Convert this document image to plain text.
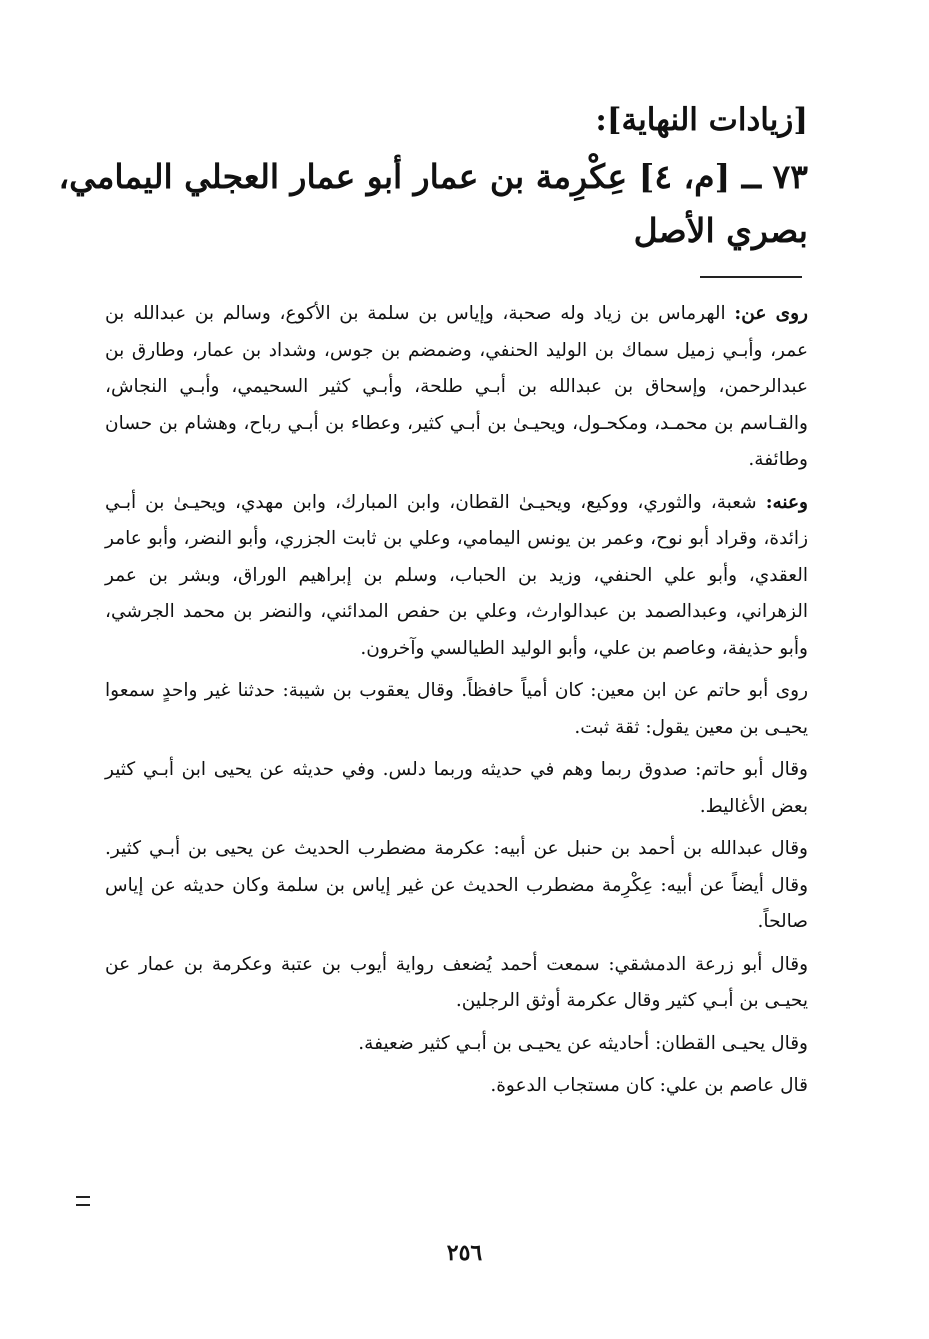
[زيادات النهاية]:
٧٣ ــ [م، ٤] عِكْرِمة بن عمار أبو عمار العجلي اليمامي،
بصري الأصل

روى عن: الهرماس بن زياد وله صحبة، وإياس بن سلمة بن الأكوع، وسالم بن عبدالله بن عمر، وأبـي زميل سماك بن الوليد الحنفي، وضمضم بن جوس، وشداد بن عمار، وطارق بن عبدالرحمن، وإسحاق بن عبدالله بن أبـي طلحة، وأبـي كثير السحيمي، وأبـي النجاش، والقـاسم بن محمـد، ومكحـول، ويحيـىٰ بن أبـي كثير، وعطاء بن أبـي رباح، وهشام بن حسان وطائفة.

وعنه: شعبة، والثوري، ووكيع، ويحيـىٰ القطان، وابن المبارك، وابن مهدي، ويحيـىٰ بن أبـي زائدة، وقراد أبو نوح، وعمر بن يونس اليمامي، وعلي بن ثابت الجزري، وأبو النضر، وأبو عامر العقدي، وأبو علي الحنفي، وزيد بن الحباب، وسلم بن إبراهيم الوراق، وبشر بن عمر الزهراني، وعبدالصمد بن عبدالوارث، وعلي بن حفص المدائني، والنضر بن محمد الجرشي، وأبو حذيفة، وعاصم بن علي، وأبو الوليد الطيالسي وآخرون.

روى أبو حاتم عن ابن معين: كان أمياً حافظاً. وقال يعقوب بن شيبة: حدثنا غير واحدٍ سمعوا يحيـى بن معين يقول: ثقة ثبت.

وقال أبو حاتم: صدوق ربما وهم في حديثه وربما دلس. وفي حديثه عن يحيى ابن أبـي كثير بعض الأغاليط.

وقال عبدالله بن أحمد بن حنبل عن أبيه: عكرمة مضطرب الحديث عن يحيى بن أبـي كثير. وقال أيضاً عن أبيه: عِكْرِمة مضطرب الحديث عن غير إياس بن سلمة وكان حديثه عن إياس صالحاً.

وقال أبو زرعة الدمشقي: سمعت أحمد يُضعف رواية أيوب بن عتبة وعكرمة بن عمار عن يحيـى بن أبـي كثير وقال عكرمة أوثق الرجلين.

وقال يحيـى القطان: أحاديثه عن يحيـى بن أبـي كثير ضعيفة.

قال عاصم بن علي: كان مستجاب الدعوة.

٢٥٦
